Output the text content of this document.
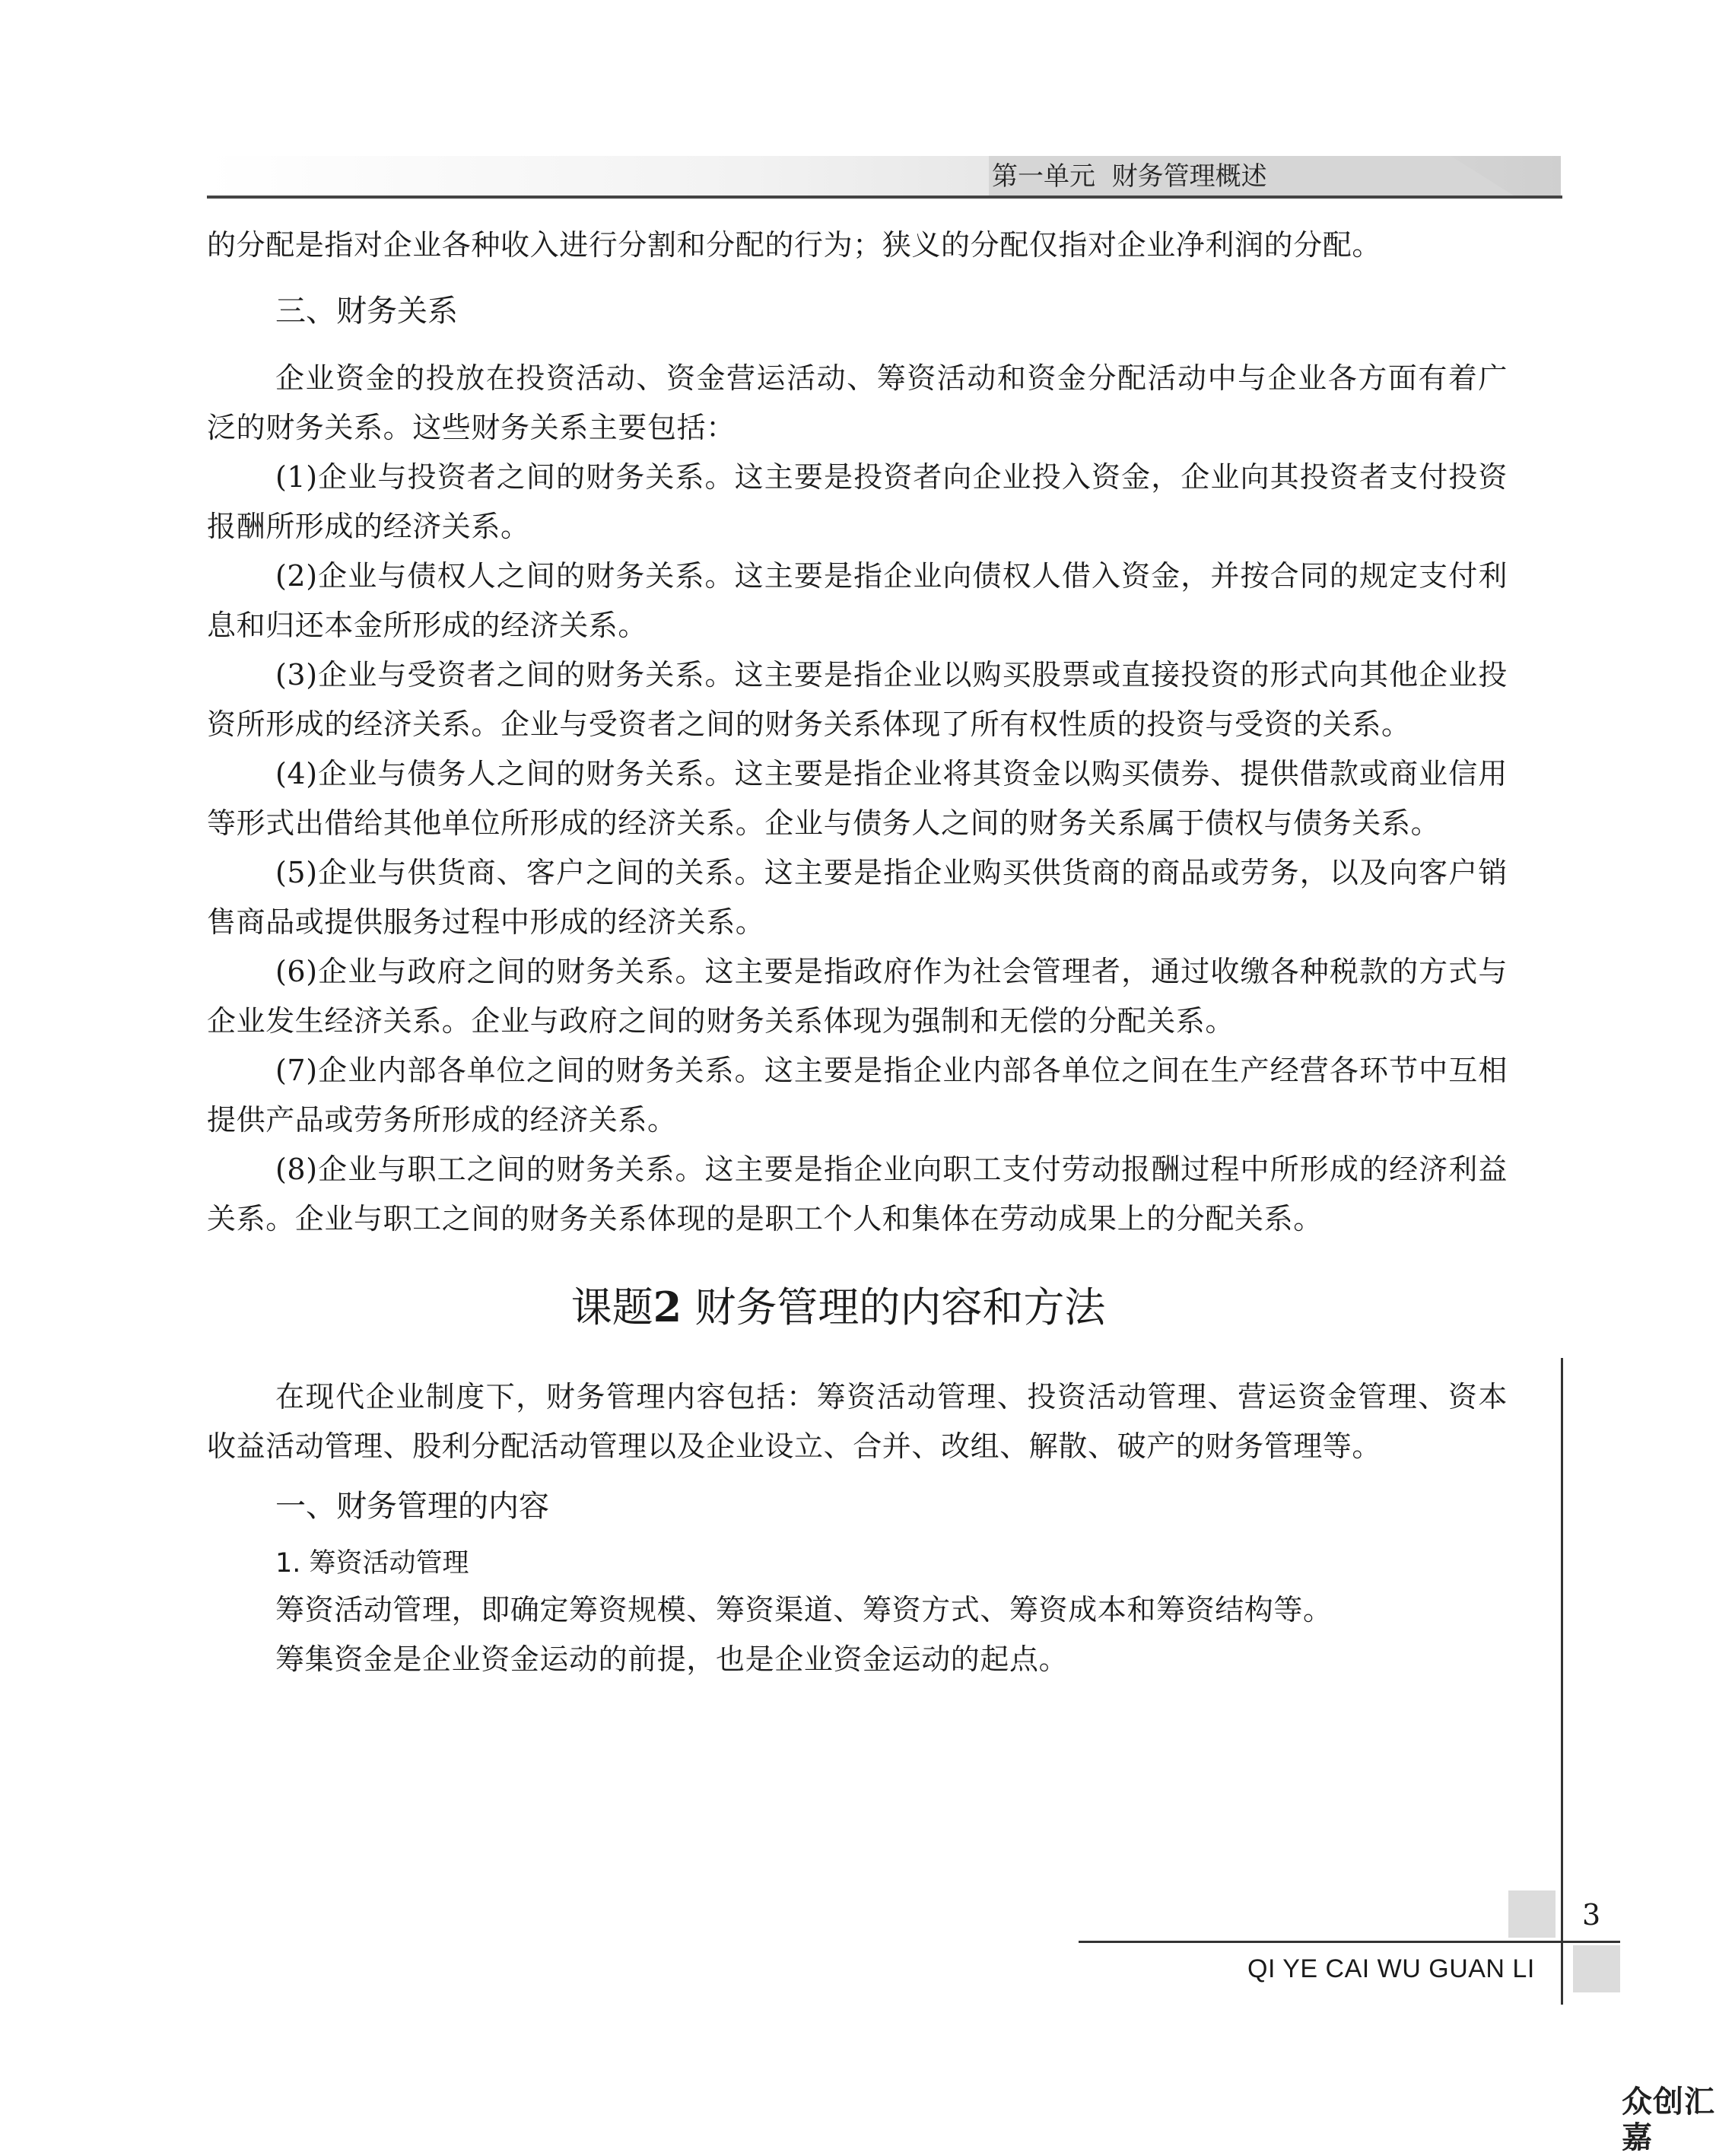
第一单元 财务管理概述

的分配是指对企业各种收入进行分割和分配的行为；狭义的分配仅指对企业净利润的分配。

三、财务关系

企业资金的投放在投资活动、资金营运活动、筹资活动和资金分配活动中与企业各方面有着广泛的财务关系。这些财务关系主要包括：

(1)企业与投资者之间的财务关系。这主要是投资者向企业投入资金，企业向其投资者支付投资报酬所形成的经济关系。

(2)企业与债权人之间的财务关系。这主要是指企业向债权人借入资金，并按合同的规定支付利息和归还本金所形成的经济关系。

(3)企业与受资者之间的财务关系。这主要是指企业以购买股票或直接投资的形式向其他企业投资所形成的经济关系。企业与受资者之间的财务关系体现了所有权性质的投资与受资的关系。

(4)企业与债务人之间的财务关系。这主要是指企业将其资金以购买债券、提供借款或商业信用等形式出借给其他单位所形成的经济关系。企业与债务人之间的财务关系属于债权与债务关系。

(5)企业与供货商、客户之间的关系。这主要是指企业购买供货商的商品或劳务，以及向客户销售商品或提供服务过程中形成的经济关系。

(6)企业与政府之间的财务关系。这主要是指政府作为社会管理者，通过收缴各种税款的方式与企业发生经济关系。企业与政府之间的财务关系体现为强制和无偿的分配关系。

(7)企业内部各单位之间的财务关系。这主要是指企业内部各单位之间在生产经营各环节中互相提供产品或劳务所形成的经济关系。

(8)企业与职工之间的财务关系。这主要是指企业向职工支付劳动报酬过程中所形成的经济利益关系。企业与职工之间的财务关系体现的是职工个人和集体在劳动成果上的分配关系。

课题2 财务管理的内容和方法

在现代企业制度下，财务管理内容包括：筹资活动管理、投资活动管理、营运资金管理、资本收益活动管理、股利分配活动管理以及企业设立、合并、改组、解散、破产的财务管理等。

一、财务管理的内容
1. 筹资活动管理

筹资活动管理，即确定筹资规模、筹资渠道、筹资方式、筹资成本和筹资结构等。

筹集资金是企业资金运动的前提，也是企业资金运动的起点。

3
QI YE CAI WU GUAN LI
众创汇嘉
